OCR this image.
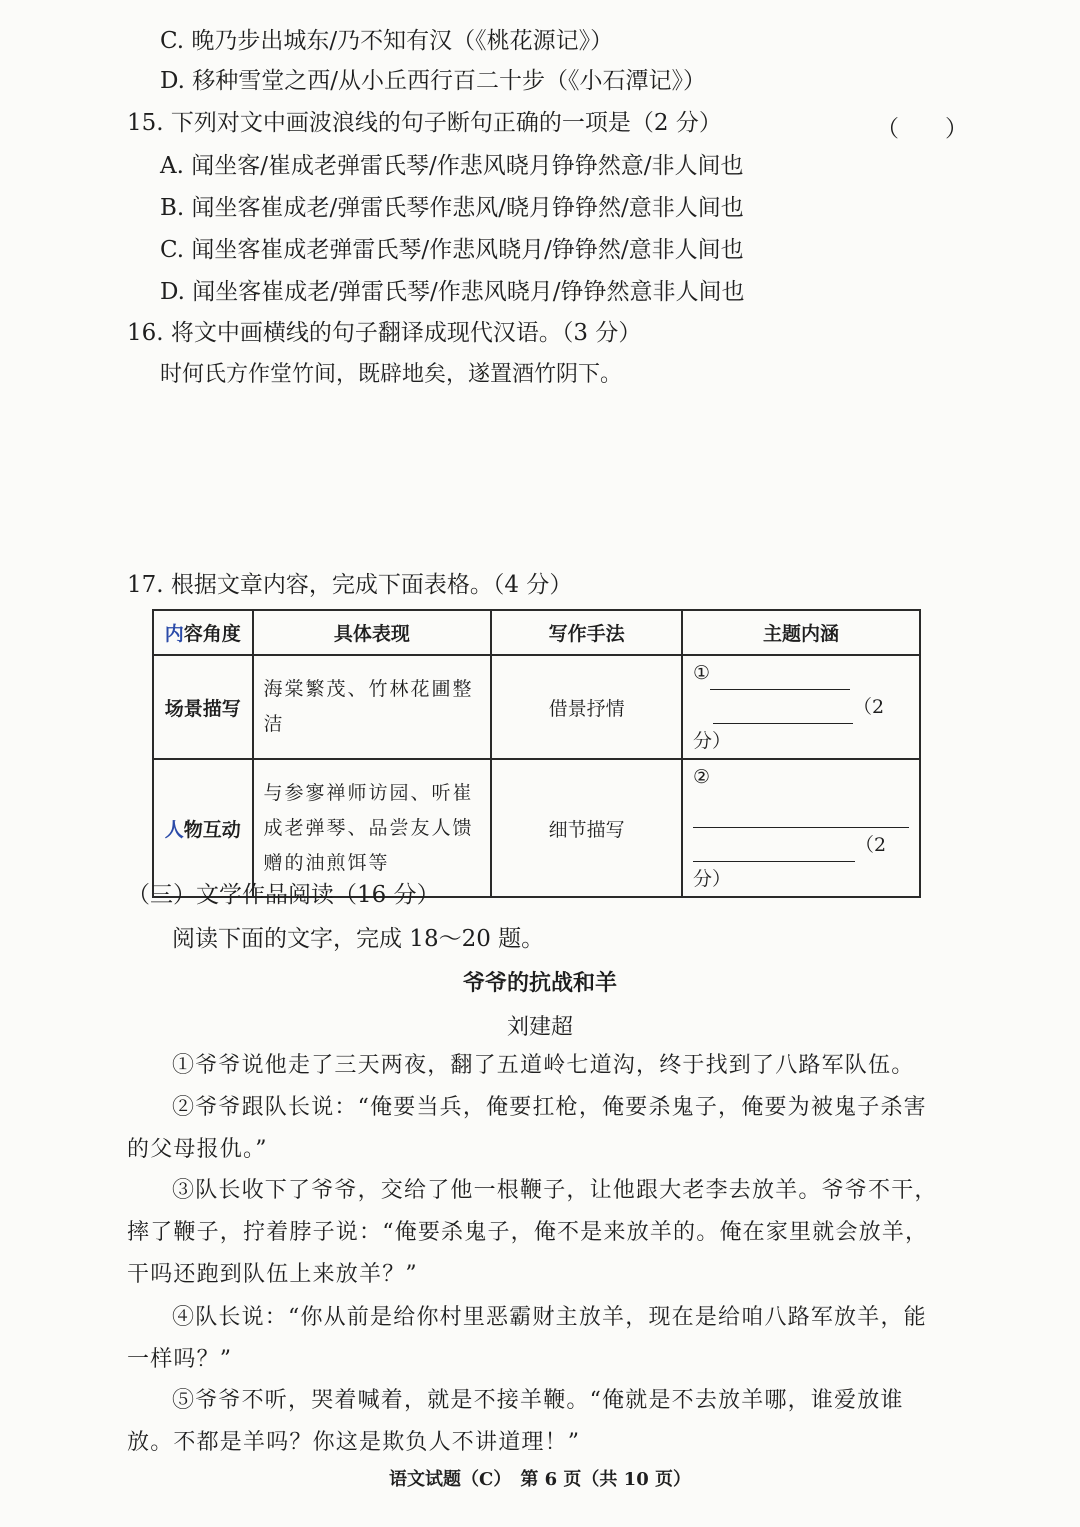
C. 晚乃步出城东/乃不知有汉（《桃花源记》）
D. 移种雪堂之西/从小丘西行百二十步（《小石潭记》）
15. 下列对文中画波浪线的句子断句正确的一项是（2 分）	（　　）
A. 闻坐客/崔成老弹雷氏琴/作悲风晓月铮铮然意/非人间也
B. 闻坐客崔成老/弹雷氏琴作悲风/晓月铮铮然/意非人间也
C. 闻坐客崔成老弹雷氏琴/作悲风晓月/铮铮然/意非人间也
D. 闻坐客崔成老/弹雷氏琴/作悲风晓月/铮铮然意非人间也
16. 将文中画横线的句子翻译成现代汉语。（3 分）
时何氏方作堂竹间，既辟地矣，遂置酒竹阴下。
17. 根据文章内容，完成下面表格。（4 分）
内容角度	具体表现	写作手法	主题内涵
场景描写	海棠繁茂、竹林花圃整洁	借景抒情	①
（2 分）

人物互动	与参寥禅师访园、听崔成老弹琴、品尝友人馈赠的油煎饵等	细节描写	②
（2 分）
（三）文学作品阅读（16 分）
阅读下面的文字，完成 18～20 题。
爷爷的抗战和羊
刘建超
①爷爷说他走了三天两夜，翻了五道岭七道沟，终于找到了八路军队伍。
②爷爷跟队长说：“俺要当兵，俺要扛枪，俺要杀鬼子，俺要为被鬼子杀害的父母报仇。”
③队长收下了爷爷，交给了他一根鞭子，让他跟大老李去放羊。爷爷不干，摔了鞭子，拧着脖子说：“俺要杀鬼子，俺不是来放羊的。俺在家里就会放羊，干吗还跑到队伍上来放羊？”
④队长说：“你从前是给你村里恶霸财主放羊，现在是给咱八路军放羊，能一样吗？”
⑤爷爷不听，哭着喊着，就是不接羊鞭。“俺就是不去放羊哪，谁爱放谁放。不都是羊吗？你这是欺负人不讲道理！”
语文试题（C）　第 6 页（共 10 页）
